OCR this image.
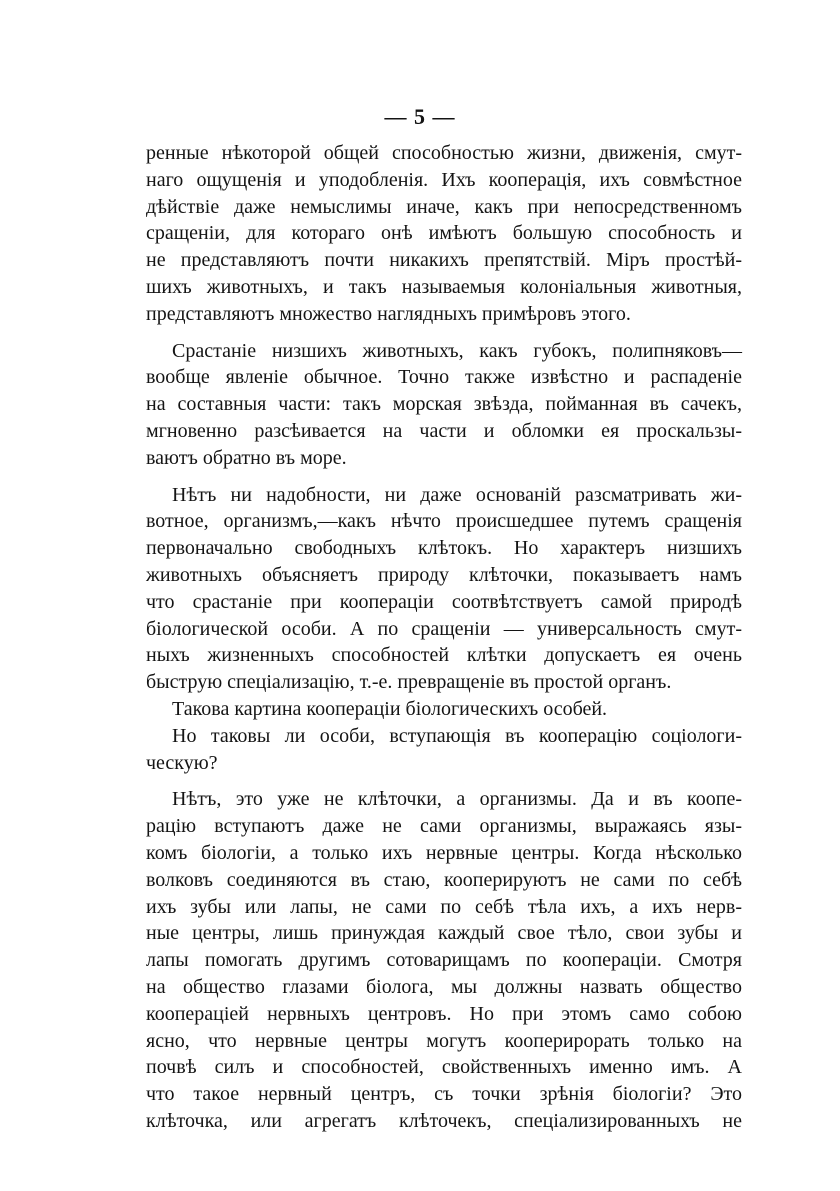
— 5 —
ренные нѣкоторой общей способностью жизни, движенія, смут-
наго ощущенія и уподобленія. Ихъ кооперація, ихъ совмѣстное
дѣйствіе даже немыслимы иначе, какъ при непосредственномъ
сращеніи, для котораго онѣ имѣютъ большую способность и
не представляютъ почти никакихъ препятствій. Міръ простѣй-
шихъ животныхъ, и такъ называемыя колоніальныя животныя,
представляютъ множество наглядныхъ примѣровъ этого.
Срастаніе низшихъ животныхъ, какъ губокъ, полипняковъ—
вообще явленіе обычное. Точно также извѣстно и распаденіе
на составныя части: такъ морская звѣзда, пойманная въ сачекъ,
мгновенно разсѣивается на части и обломки ея проскальзы-
ваютъ обратно въ море.
Нѣтъ ни надобности, ни даже основаній разсматривать жи-
вотное, организмъ,—какъ нѣчто происшедшее путемъ сращенія
первоначально свободныхъ клѣтокъ. Но характеръ низшихъ
животныхъ объясняетъ природу клѣточки, показываетъ намъ
что срастаніе при коопераціи соотвѣтствуетъ самой природѣ
біологической особи. А по сращеніи — универсальность смут-
ныхъ жизненныхъ способностей клѣтки допускаетъ ея очень
быструю спеціализацію, т.-е. превращеніе въ простой органъ.
Такова картина коопераціи біологическихъ особей.
Но таковы ли особи, вступающія въ кооперацію соціологи-
ческую?
Нѣтъ, это уже не клѣточки, а организмы. Да и въ коопе-
рацію вступаютъ даже не сами организмы, выражаясь язы-
комъ біологіи, а только ихъ нервные центры. Когда нѣсколько
волковъ соединяются въ стаю, кооперируютъ не сами по себѣ
ихъ зубы или лапы, не сами по себѣ тѣла ихъ, а ихъ нерв-
ные центры, лишь принуждая каждый свое тѣло, свои зубы и
лапы помогать другимъ сотоварищамъ по коопераціи. Смотря
на общество глазами біолога, мы должны назвать общество
коопераціей нервныхъ центровъ. Но при этомъ само собою
ясно, что нервные центры могутъ кооперирорать только на
почвѣ силъ и способностей, свойственныхъ именно имъ. А
что такое нервный центръ, съ точки зрѣнія біологіи? Это
клѣточка, или агрегатъ клѣточекъ, спеціализированныхъ не
